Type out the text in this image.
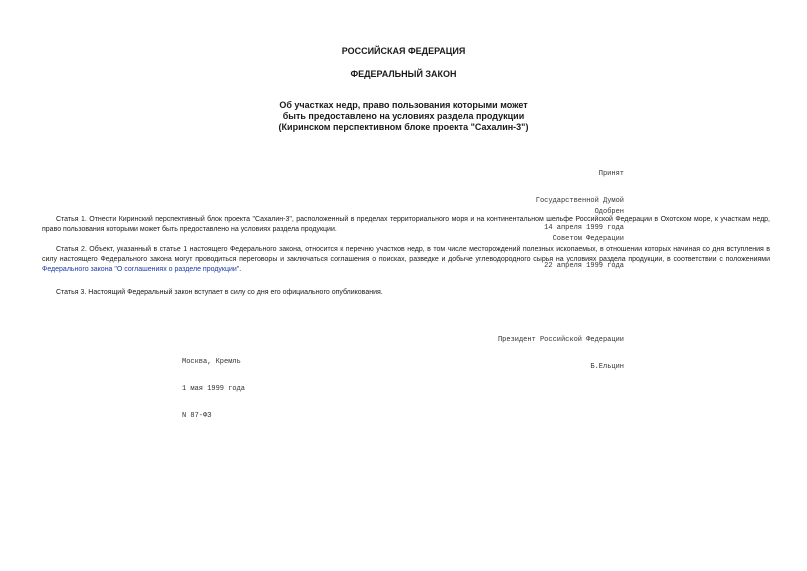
РОССИЙСКАЯ ФЕДЕРАЦИЯ
ФЕДЕРАЛЬНЫЙ ЗАКОН
Об участках недр, право пользования которыми может
быть предоставлено на условиях раздела продукции
(Киринском перспективном блоке проекта "Сахалин-3")

Принят

Государственной Думой

14 апреля 1999 года

Одобрен

Советом Федерации

22 апреля 1999 года

Статья 1. Отнести Киринский перспективный блок проекта "Сахалин-3", расположенный в пределах территориального моря и на континентальном шельфе Российской Федерации в Охотском море, к участкам недр, право пользования которыми может быть предоставлено на условиях раздела продукции.
Статья 2. Объект, указанный в статье 1 настоящего Федерального закона, относится к перечню участков недр, в том числе месторождений полезных ископаемых, в отношении которых начиная со дня вступления в силу настоящего Федерального закона могут проводиться переговоры и заключаться соглашения о поисках, разведке и добыче углеводородного сырья на условиях раздела продукции, в соответствии с положениями Федерального закона "О соглашениях о разделе продукции".
Статья 3. Настоящий Федеральный закон вступает в силу со дня его официального опубликования.

Президент Российской Федерации

Б.Ельцин

Москва, Кремль

1 мая 1999 года

N 87-ФЗ
